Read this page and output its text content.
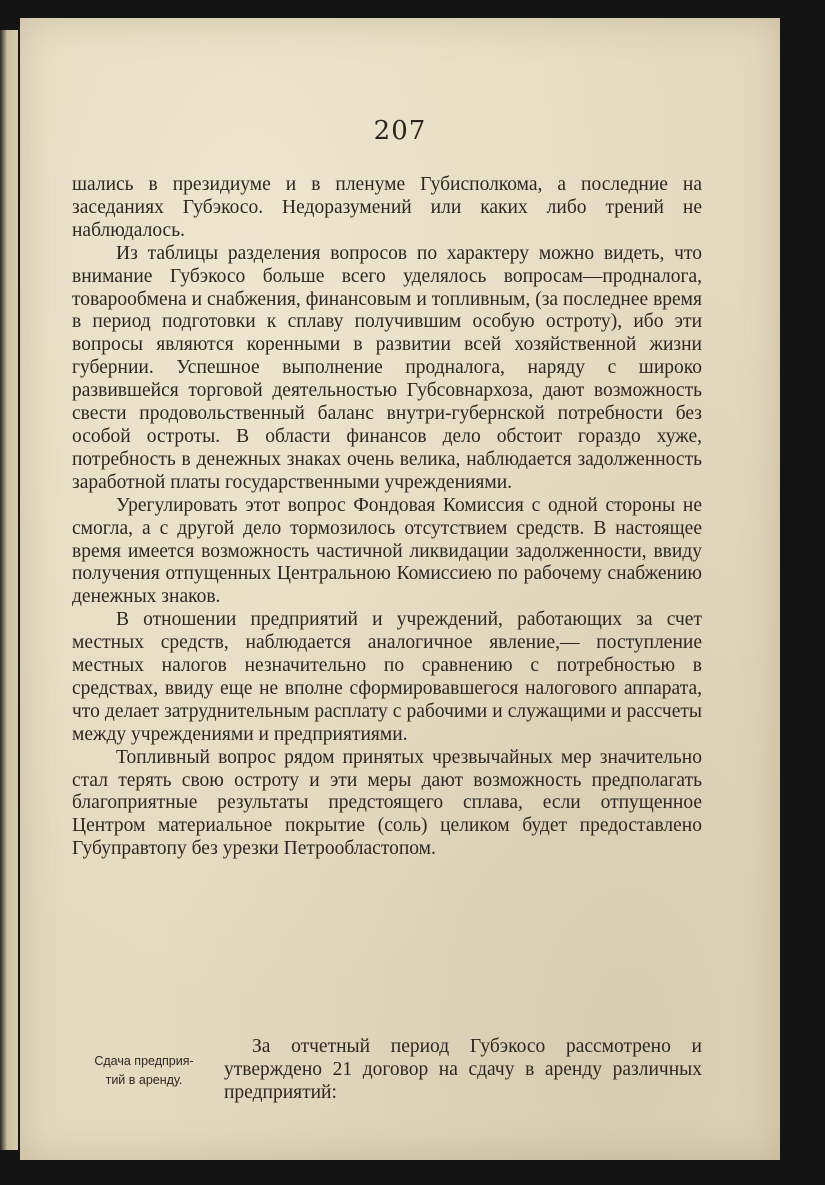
207

шались в президиуме и в пленуме Губисполкома, а последние на заседаниях Губэкосо. Недоразумений или каких либо трений не наблюдалось.

Из таблицы разделения вопросов по характеру можно видеть, что внимание Губэкосо больше всего уделялось вопросам—продналога, товарообмена и снабжения, финансовым и топливным, (за последнее время в период подготовки к сплаву получившим особую остроту), ибо эти вопросы являются коренными в развитии всей хозяйственной жизни губернии. Успешное выполнение продналога, наряду с широко развившейся торговой деятельностью Губсовнархоза, дают возможность свести продовольственный баланс внутри-губернской потребности без особой остроты. В области финансов дело обстоит гораздо хуже, потребность в денежных знаках очень велика, наблюдается задолженность заработной платы государственными учреждениями.

Урегулировать этот вопрос Фондовая Комиссия с одной стороны не смогла, а с другой дело тормозилось отсутствием средств. В настоящее время имеется возможность частичной ликвидации задолженности, ввиду получения отпущенных Центральною Комиссиею по рабочему снабжению денежных знаков.

В отношении предприятий и учреждений, работающих за счет местных средств, наблюдается аналогичное явление,— поступление местных налогов незначительно по сравнению с потребностью в средствах, ввиду еще не вполне сформировавшегося налогового аппарата, что делает затруднительным расплату с рабочими и служащими и рассчеты между учреждениями и предприятиями.

Топливный вопрос рядом принятых чрезвычайных мер значительно стал терять свою остроту и эти меры дают возможность предполагать благоприятные результаты предстоящего сплава, если отпущенное Центром материальное покрытие (соль) целиком будет предоставлено Губуправтопу без урезки Петрообластопом.

Сдача предприя-
тий в аренду.
За отчетный период Губэкосо рассмотрено и утверждено 21 договор на сдачу в аренду различных предприятий:
